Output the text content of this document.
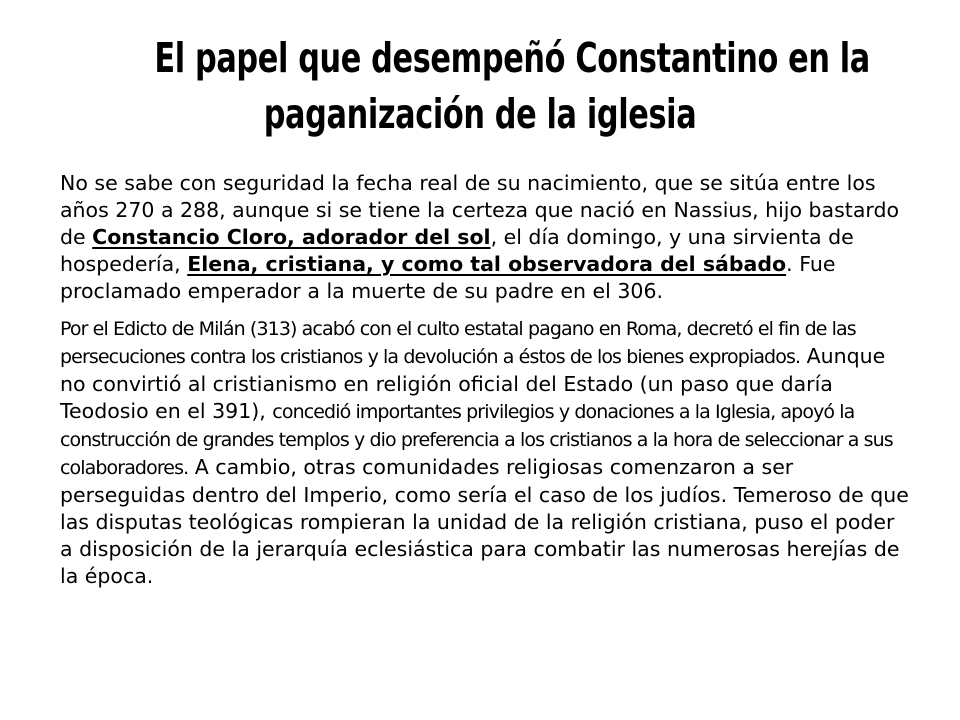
El papel que desempeñó Constantino en la
paganización de la iglesia

No se sabe con seguridad la fecha real de su nacimiento, que se sitúa entre los años 270 a 288, aunque si se tiene la certeza que nació en Nassius, hijo bastardo de Constancio Cloro, adorador del sol, el día domingo, y una sirvienta de hospedería, Elena, cristiana, y como tal observadora del sábado. Fue proclamado emperador a la muerte de su padre en el 306.

Por el Edicto de Milán (313) acabó con el culto estatal pagano en Roma, decretó el fin de las persecuciones contra los cristianos y la devolución a éstos de los bienes expropiados. Aunque no convirtió al cristianismo en religión oficial del Estado (un paso que daría Teodosio en el 391), concedió importantes privilegios y donaciones a la Iglesia, apoyó la construcción de grandes templos y dio preferencia a los cristianos a la hora de seleccionar a sus colaboradores. A cambio, otras comunidades religiosas comenzaron a ser perseguidas dentro del Imperio, como sería el caso de los judíos. Temeroso de que las disputas teológicas rompieran la unidad de la religión cristiana, puso el poder a disposición de la jerarquía eclesiástica para combatir las numerosas herejías de la época.
